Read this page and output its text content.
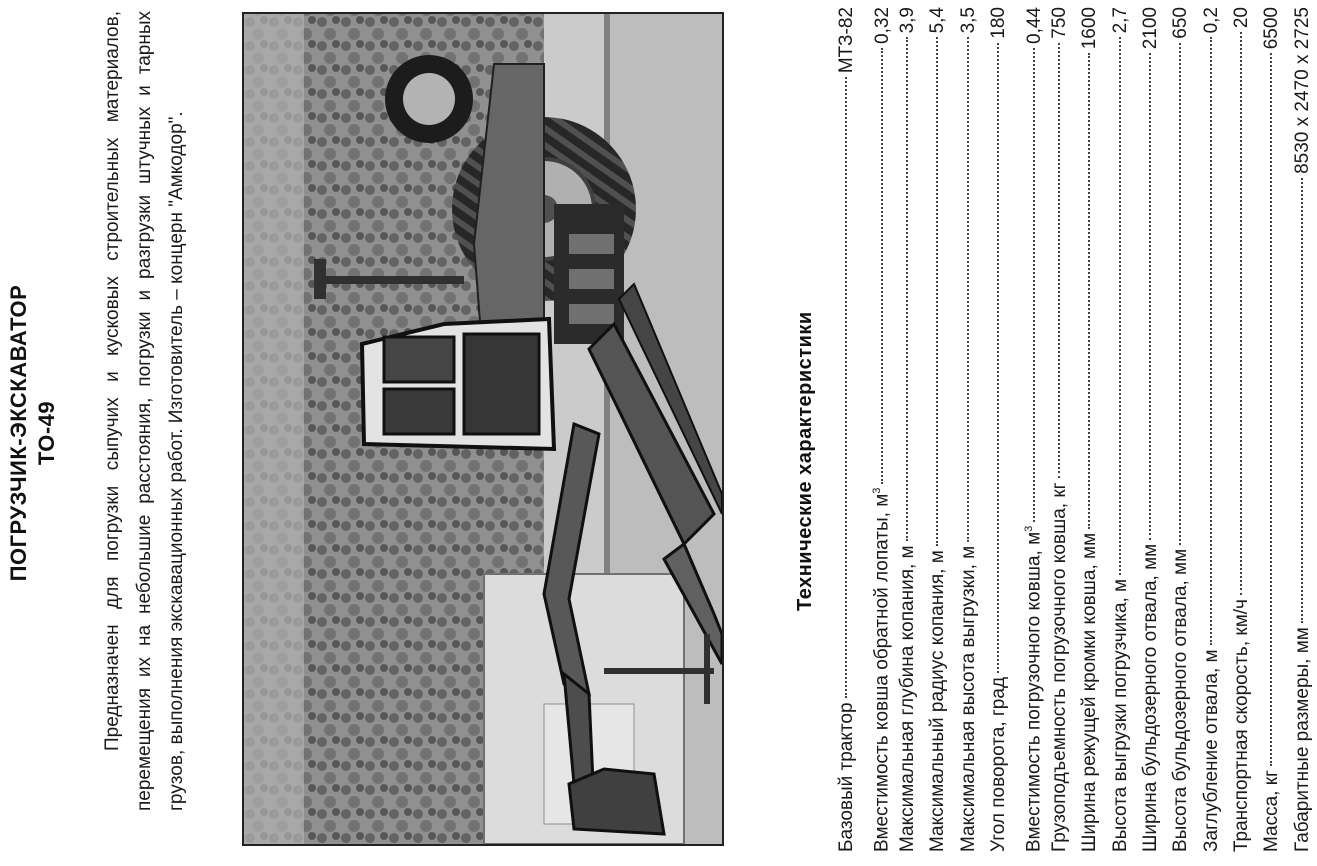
ПОГРУЗЧИК-ЭКСКАВАТОР ТО-49 Предназначен для погрузки сыпучих и кусковых строительных материалов, перемещения их на небольшие расстояния, погрузки и разгрузки штучных и тарных грузов, выполнения экскавационных работ. Изготовитель – концерн "Амкодор".	Технические характеристики
Базовый трактор
МТЗ-82
Вместимость ковша обратной лопаты, $м^3$
0,32
Максимальная глубина копания, м
3,9
Максимальный радиус копания, м
5,4
Максимальная высота выгрузки, м
3,5
Угол поворота, град
180
Вместимость погрузочного ковша, $м^3$
0,44
Грузоподъемность погрузочного ковша, кг
750
Ширина режущей кромки ковша, мм
1600
Высота выгрузки погрузчика, м
2,7
Ширина бульдозерного отвала, мм
2100
Высота бульдозерного отвала, мм
650
Заглубление отвала, м
0,2
Транспортная скорость, км/ч
20
Масса, кг
6500
Габаритные размеры, мм
8530 х 2470 х 2725
